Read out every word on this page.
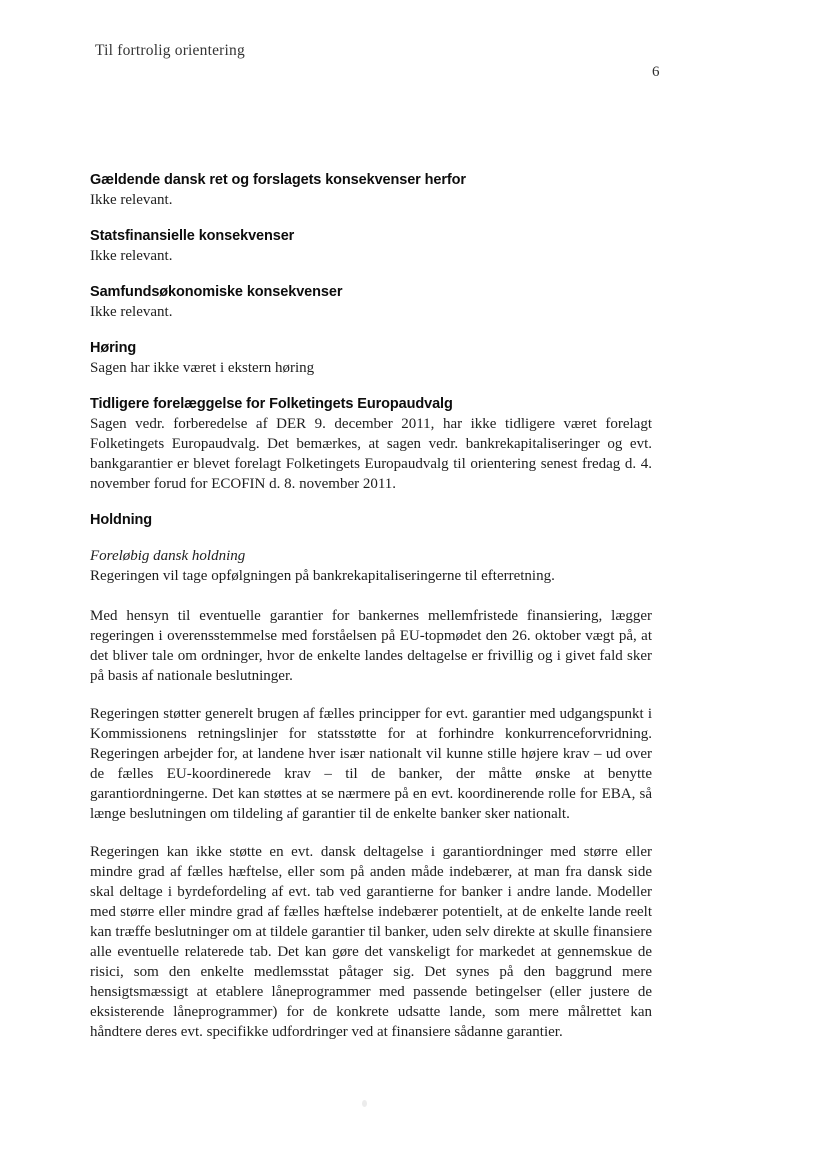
Til fortrolig orientering
6
Gældende dansk ret og forslagets konsekvenser herfor

Ikke relevant.

Statsfinansielle konsekvenser

Ikke relevant.

Samfundsøkonomiske konsekvenser

Ikke relevant.

Høring

Sagen har ikke været i ekstern høring

Tidligere forelæggelse for Folketingets Europaudvalg

Sagen vedr. forberedelse af DER 9. december 2011, har ikke tidligere været forelagt Folketingets Europaudvalg. Det bemærkes, at sagen vedr. bankrekapitaliseringer og evt. bankgarantier er blevet forelagt Folketingets Europaudvalg til orientering senest fredag d. 4. november forud for ECOFIN d. 8. november 2011.

Holdning

Foreløbig dansk holdning

Regeringen vil tage opfølgningen på bankrekapitaliseringerne til efterretning.

Med hensyn til eventuelle garantier for bankernes mellemfristede finansiering, lægger regeringen i overensstemmelse med forståelsen på EU-topmødet den 26. oktober vægt på, at det bliver tale om ordninger, hvor de enkelte landes deltagelse er frivillig og i givet fald sker på basis af nationale beslutninger.

Regeringen støtter generelt brugen af fælles principper for evt. garantier med udgangspunkt i Kommissionens retningslinjer for statsstøtte for at forhindre konkurrenceforvridning. Regeringen arbejder for, at landene hver især nationalt vil kunne stille højere krav – ud over de fælles EU-koordinerede krav – til de banker, der måtte ønske at benytte garantiordningerne. Det kan støttes at se nærmere på en evt. koordinerende rolle for EBA, så længe beslutningen om tildeling af garantier til de enkelte banker sker nationalt.

Regeringen kan ikke støtte en evt. dansk deltagelse i garantiordninger med større eller mindre grad af fælles hæftelse, eller som på anden måde indebærer, at man fra dansk side skal deltage i byrdefordeling af evt. tab ved garantierne for banker i andre lande. Modeller med større eller mindre grad af fælles hæftelse indebærer potentielt, at de enkelte lande reelt kan træffe beslutninger om at tildele garantier til banker, uden selv direkte at skulle finansiere alle eventuelle relaterede tab. Det kan gøre det vanskeligt for markedet at gennemskue de risici, som den enkelte medlemsstat påtager sig. Det synes på den baggrund mere hensigtsmæssigt at etablere låneprogrammer med passende betingelser (eller justere de eksisterende låneprogrammer) for de konkrete udsatte lande, som mere målrettet kan håndtere deres evt. specifikke udfordringer ved at finansiere sådanne garantier.
